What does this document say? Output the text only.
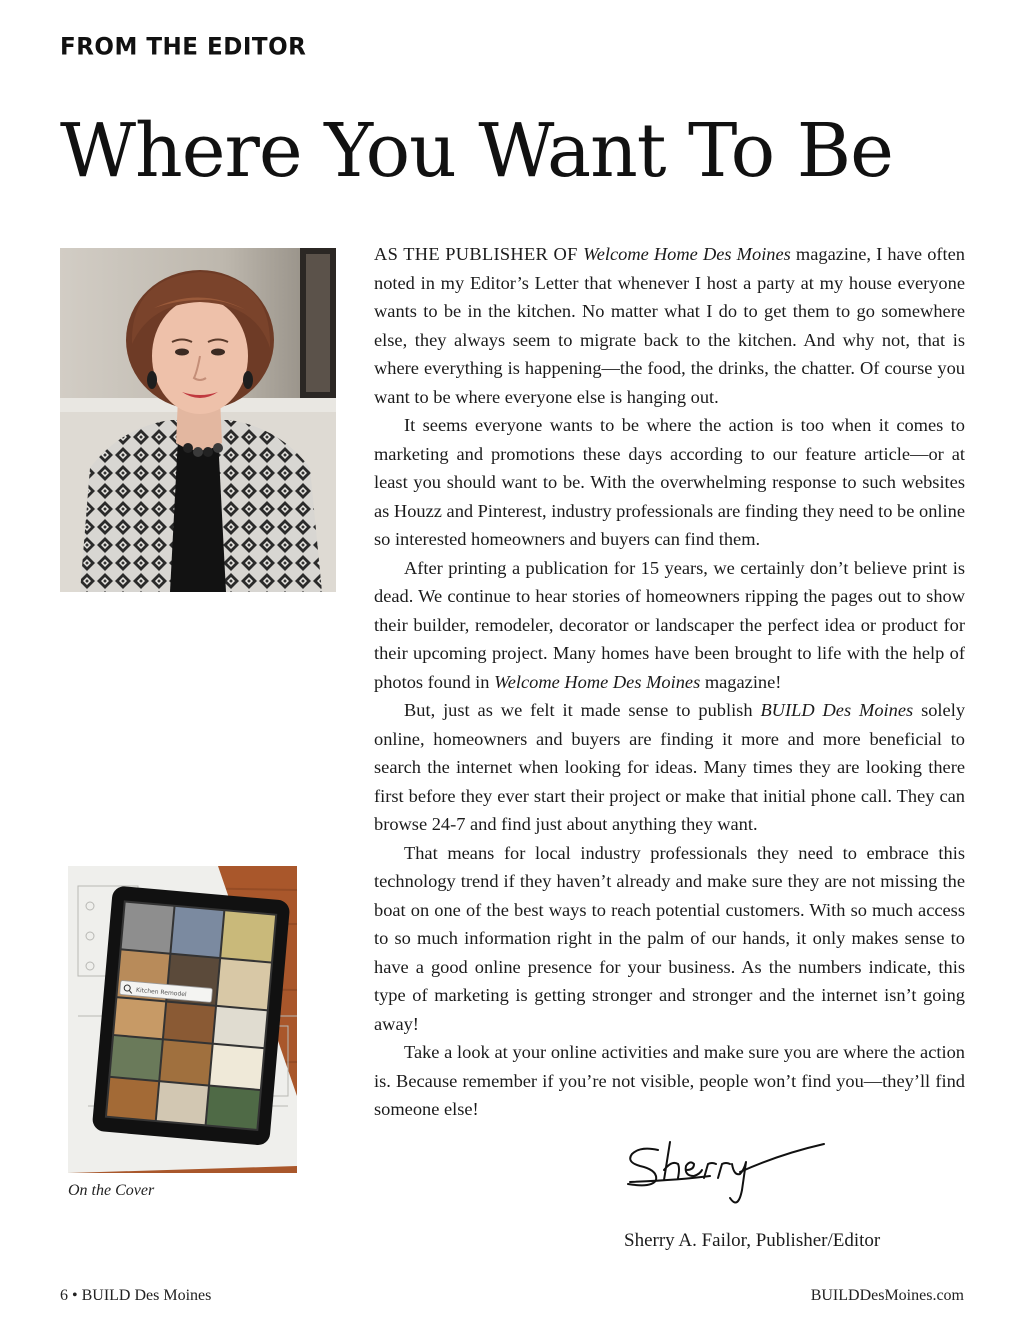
FROM THE EDITOR
Where You Want To Be
Kitchen Remodel
On the Cover

AS THE PUBLISHER OF Welcome Home Des Moines magazine, I have often noted in my Editor’s Letter that whenever I host a party at my house everyone wants to be in the kitchen. No matter what I do to get them to go somewhere else, they always seem to migrate back to the kitchen. And why not, that is where everything is happening—the food, the drinks, the chatter. Of course you want to be where everyone else is hanging out.

It seems everyone wants to be where the action is too when it comes to marketing and promotions these days according to our feature article—or at least you should want to be. With the overwhelming response to such websites as Houzz and Pinterest, industry professionals are finding they need to be online so interested homeowners and buyers can find them.

After printing a publication for 15 years, we certainly don’t believe print is dead. We continue to hear stories of homeowners ripping the pages out to show their builder, remodeler, decorator or landscaper the perfect idea or product for their upcoming project. Many homes have been brought to life with the help of photos found in Welcome Home Des Moines magazine!

But, just as we felt it made sense to publish BUILD Des Moines solely online, homeowners and buyers are finding it more and more beneficial to search the internet when looking for ideas. Many times they are looking there first before they ever start their project or make that initial phone call. They can browse 24-7 and find just about anything they want.

That means for local industry professionals they need to embrace this technology trend if they haven’t already and make sure they are not missing the boat on one of the best ways to reach potential customers. With so much access to so much information right in the palm of our hands, it only makes sense to have a good online presence for your business. As the numbers indicate, this type of marketing is getting stronger and stronger and the internet isn’t going away!

Take a look at your online activities and make sure you are where the action is. Because remember if you’re not visible, people won’t find you—they’ll find someone else!

Sherry A. Failor, Publisher/Editor
6 • BUILD Des Moines	BUILDDesMoines.com
